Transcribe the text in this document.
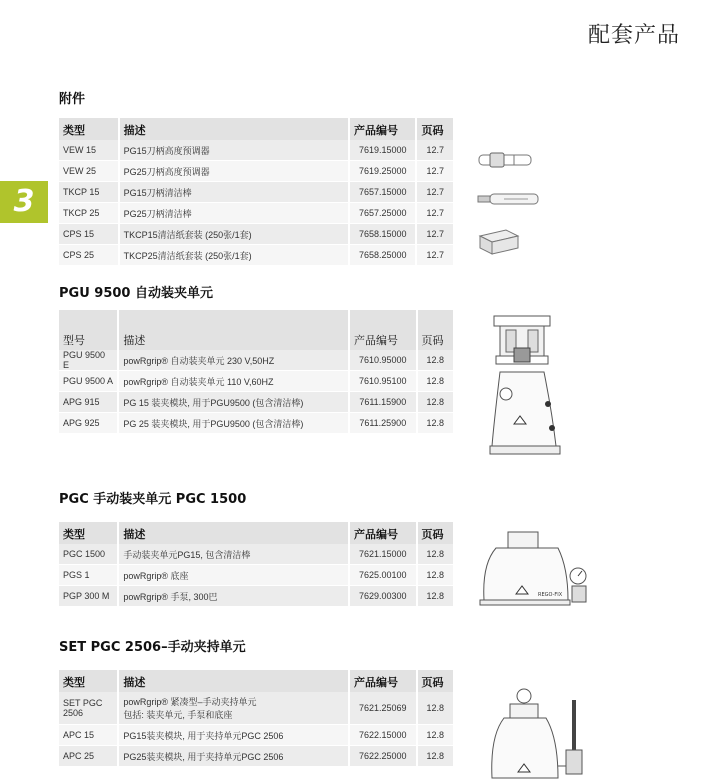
配套产品
3
附件
类型	描述	产品编号	页码
VEW 15	PG15刀柄高度预调器	7619.15000	12.7
VEW 25	PG25刀柄高度预调器	7619.25000	12.7
TKCP 15	PG15刀柄清洁棒	7657.15000	12.7
TKCP 25	PG25刀柄清洁棒	7657.25000	12.7
CPS 15	TKCP15清洁纸套装 (250张/1套)	7658.15000	12.7
CPS 25	TKCP25清洁纸套装 (250张/1套)	7658.25000	12.7
PGU 9500 自动装夹单元
型号	描述	产品编号	页码
PGU 9500 E	powRgrip® 自动装夹单元 230 V,50HZ	7610.95000	12.8
PGU 9500 A	powRgrip® 自动装夹单元 110 V,60HZ	7610.95100	12.8
APG 915	PG 15 装夹模块, 用于PGU9500 (包含清洁棒)	7611.15900	12.8
APG 925	PG 25 装夹模块, 用于PGU9500 (包含清洁棒)	7611.25900	12.8
PGC 手动装夹单元 PGC 1500
类型	描述	产品编号	页码
PGC 1500	手动装夹单元PG15, 包含清洁棒	7621.15000	12.8
PGS 1	powRgrip® 底座	7625.00100	12.8
PGP 300 M	powRgrip® 手泵, 300巴	7629.00300	12.8	REGO-FIX
SET PGC 2506–手动夹持单元
类型	描述	产品编号	页码
SET PGC 2506	powRgrip® 紧凑型–手动夹持单元
包括: 装夹单元, 手泵和底座	7621.25069	12.8
APC 15	PG15装夹模块, 用于夹持单元PGC 2506	7622.15000	12.8
APC 25	PG25装夹模块, 用于夹持单元PGC 2506	7622.25000	12.8
